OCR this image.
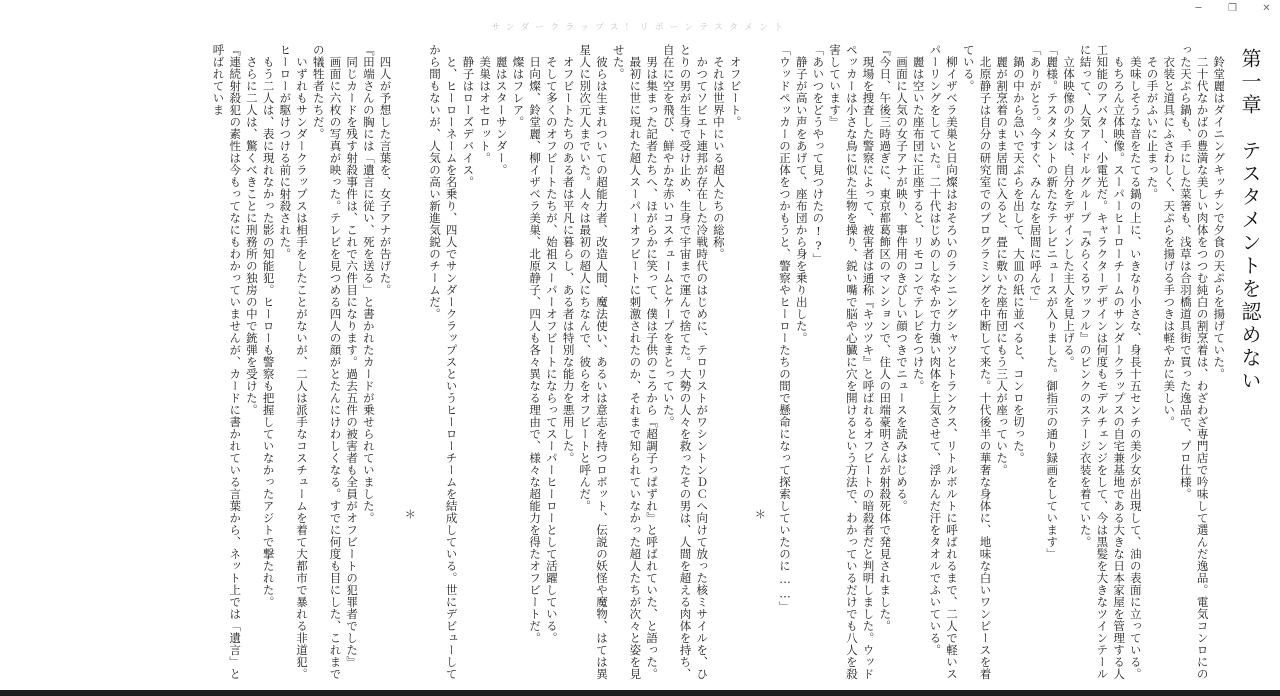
サンダークラップス！リボーンテスタメント
─	❐	✕
第一章　テスタメントを認めない
　鈴堂麗はダイニングキッチンで夕食の天ぷらを揚げていた。
　二十代なかばの豊満な美しい肉体をつつむ純白の割烹着は、わざわざ専門店で吟味して選んだ逸品。電気コンロにのった天ぷら鍋も、手にした菜箸も、浅草は合羽橋道具街で買った逸品で、プロ仕様。
　衣装と道具にふさわしく、天ぷらを揚げる手つきは軽やかに美しい。
　その手がふいに止まった。
　美味しそうな音をたてる鍋の上に、いきなり小さな、身長十五センチの美少女が出現して、油の表面に立っている。
　もちろん立体映像。スーパーヒーローチームのサンダークラップスの自宅兼基地である大きな日本家屋を管理する人工知能のアバター、小電光だ。キャラクターデザインは何度もモデルチェンジをして、今は黒髪を大きなツインテールに結って、人気アイドルグループ『みらくるワッフル』のピンクのステージ衣装を着ていた。
　立体映像の少女は、自分をデザインした主人を見上げる。
「麗様。テスタメントの新たなテレビニュースが入りました。御指示の通り録画をしています」
「ありがとう。今すぐ、みんなを居間に呼んで」
　鍋の中から急いで天ぷらを出して、大皿の紙に並べると、コンロを切った。
　麗が割烹着のまま居間に入ると、畳に敷いた座布団にもう三人が座っていた。
　北原静子は自分の研究室でのプログラミングを中断して来た。十代後半の華奢な身体に、地味な白いワンピースを着ている。
　柳イザベラ美巣と日向燦はおそろいのランニングシャツとトランクス、リトルボルトに呼ばれるまで、二人で軽いスパーリングをしていた。二十代はじめのしなやかで力強い肉体を上気させて、浮かんだ汗をタオルでふいている。
　麗は空いた座布団に正座すると、リモコンでテレビをつけた。
　画面に人気の女子アナが映り、事件用のきびしい顔つきでニュースを読みはじめる。
『今日、午後三時過ぎに、東京都葛飾区のマンションで、住人の田端豪明さんが射殺死体で発見されました。
　現場を捜査した警察によって、被害者は通称『キツツキ』と呼ばれるオフビートの暗殺者だと判明しました。ウッドペッカーは小さな鳥に似た生物を操り、鋭い嘴で脳や心臓に穴を開けるという方法で、わかっているだけでも八人を殺害しています』
「あいつをどうやって見つけたの!?」
　静子が高い声をあげて、座布団から身を乗り出した。
「ウッドペッカーの正体をつかもうと、警察やヒーローたちの間で懸命になって探索していたのに……」
＊
　オフビート。
　それは世界中にいる超人たちの総称。
　かつてソビエト連邦が存在した冷戦時代のはじめに、テロリストがワシントンＤＣへ向けて放った核ミサイルを、ひとりの男が生身で受け止め、生身で宇宙まで運んで捨てた。大勢の人々を救ったその男は、人間を超える肉体を持ち、自在に空を飛び、鮮やかな赤いコスチュームとケープをまとっていた。
　男は集まった記者たちへ、ほがらかに笑って、僕は子供のころから『超調子っぱずれ』と呼ばれていた、と語った。
　最初に世に現れた超人スーパーオフビートに刺激されたのか、それまで知られていなかった超人たちが次々と姿を見せた。
　彼らは生まれついての超能力者、改造人間、魔法使い、あるいは意志を持つロボット、伝説の妖怪や魔物、はては異星人に別次元人までいた。人々は最初の超人にちなんで、彼らをオフビートと呼んだ。
　オフビートたちのある者は平凡に暮らし、ある者は特別な能力を悪用した。
　そして多くのオフビートたちが、始祖スーパーオフビートにならってスーパーヒーローとして活躍している。
　日向燦、鈴堂麗、柳イザベラ美巣、北原静子、四人も各々異なる理由で、様々な超能力を得たオフビートだ。
　燦はフレア。
　麗はスターサンダー。
　美巣はオセロット。
　静子はローズデバイス。
　と、ヒーローネームを名乗り、四人でサンダークラップスというヒーローチームを結成している。世にデビューしてから間もないが、人気の高い新進気鋭のチームだ。
＊
　四人が予想した言葉を、女子アナが告げた。
『田端さんの胸には「遺言に従い、死を送る」と書かれたカードが乗せられていました。
　同じカードを残す射殺事件は、これで六件目になります。過去五件の被害者も全員がオフビートの犯罪者でした』
　画面に六枚の写真が映った。テレビを見つめる四人の顔がとたんにけわしくなる。すでに何度も目にした、これまでの犠牲者たちだ。
　いずれもサンダークラップスは相手をしたことがないが、二人は派手なコスチュームを着て大都市で暴れる非道犯。ヒーローが駆けつける前に射殺された。
　もう二人は、表に現れなかった影の知能犯。ヒーローも警察も把握していなかったアジトで撃たれた。
　さらに二人は、驚くべきことに刑務所の独房の中で銃弾を受けた。
『連続射殺犯の素性は今もってなにもわかっていませんが、カードに書かれている言葉から、ネット上では「遺言」と呼ばれていま
